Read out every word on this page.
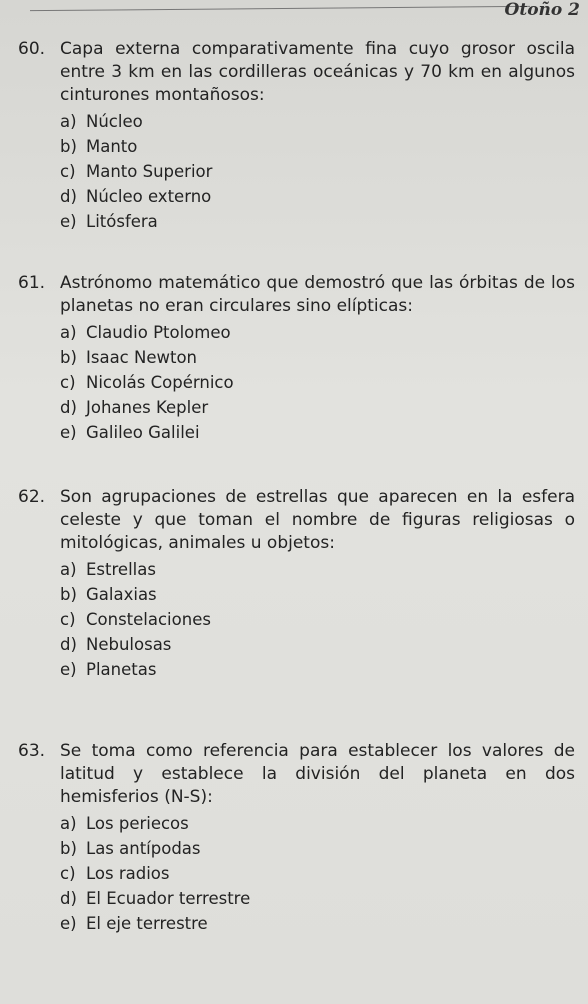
Otoño 2
60. Capa externa comparativamente fina cuyo grosor oscila entre 3 km en las cordilleras oceánicas y 70 km en algunos cinturones montañosos:
a) Núcleo
b) Manto
c) Manto Superior
d) Núcleo externo
e) Litósfera
61. Astrónomo matemático que demostró que las órbitas de los planetas no eran circulares sino elípticas:
a) Claudio Ptolomeo
b) Isaac Newton
c) Nicolás Copérnico
d) Johanes Kepler
e) Galileo Galilei
62. Son agrupaciones de estrellas que aparecen en la esfera celeste y que toman el nombre de figuras religiosas o mitológicas, animales u objetos:
a) Estrellas
b) Galaxias
c) Constelaciones
d) Nebulosas
e) Planetas
63. Se toma como referencia para establecer los valores de latitud y establece la división del planeta en dos hemisferios (N-S):
a) Los periecos
b) Las antípodas
c) Los radios
d) El Ecuador terrestre
e) El eje terrestre
